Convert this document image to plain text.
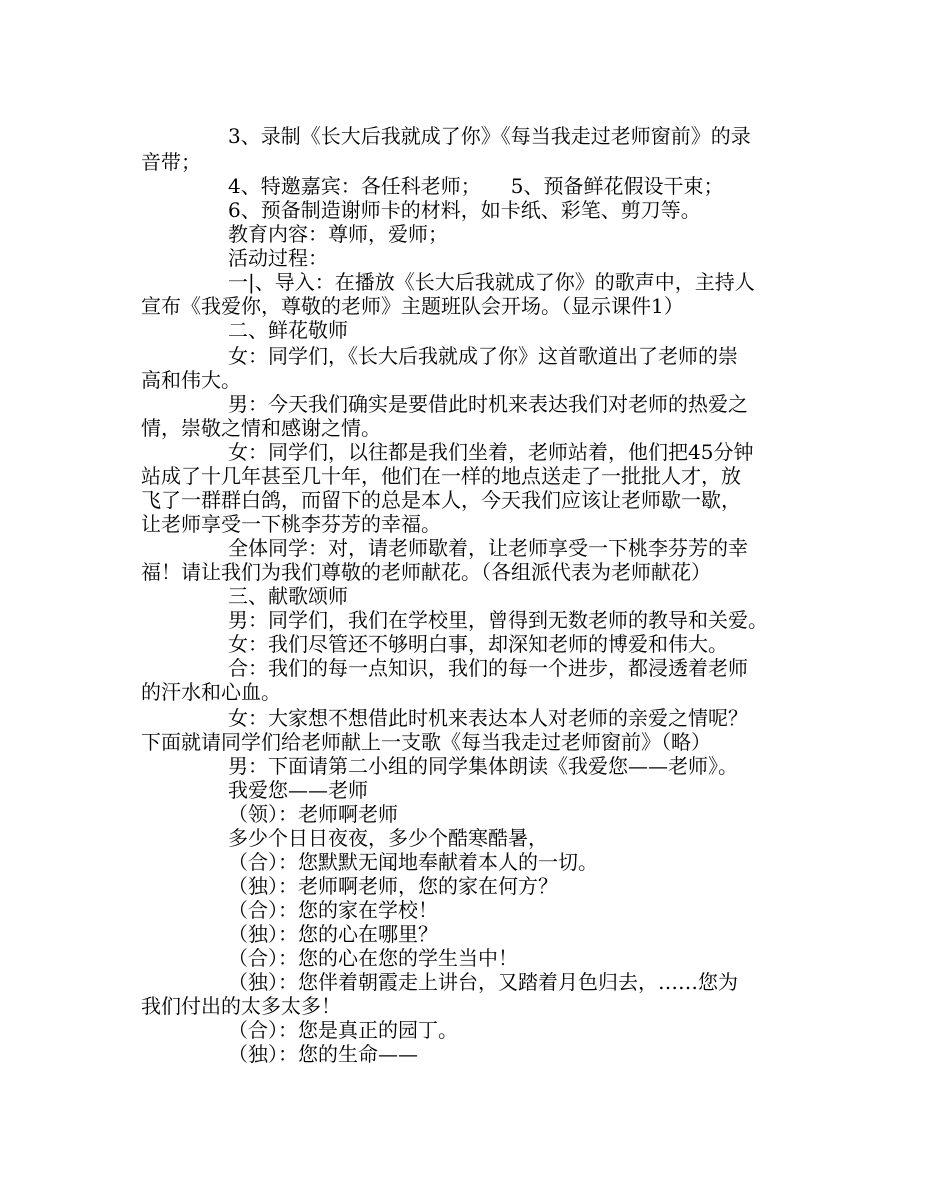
3、录制《长大后我就成了你》《每当我走过老师窗前》的录
音带；
4、特邀嘉宾：各任科老师；　　5、预备鲜花假设干束；
6、预备制造谢师卡的材料，如卡纸、彩笔、剪刀等。
教育内容：尊师，爱师；
活动过程：
一|、导入：在播放《长大后我就成了你》的歌声中，主持人
宣布《我爱你，尊敬的老师》主题班队会开场。（显示课件1）
二、鲜花敬师
女：同学们，《长大后我就成了你》这首歌道出了老师的崇
高和伟大。
男：今天我们确实是要借此时机来表达我们对老师的热爱之
情，崇敬之情和感谢之情。
女：同学们，以往都是我们坐着，老师站着，他们把45分钟
站成了十几年甚至几十年，他们在一样的地点送走了一批批人才，放
飞了一群群白鸽，而留下的总是本人，今天我们应该让老师歇一歇，
让老师享受一下桃李芬芳的幸福。
全体同学：对，请老师歇着，让老师享受一下桃李芬芳的幸
福！请让我们为我们尊敬的老师献花。（各组派代表为老师献花）
三、献歌颂师
男：同学们，我们在学校里，曾得到无数老师的教导和关爱。
女：我们尽管还不够明白事，却深知老师的博爱和伟大。
合：我们的每一点知识，我们的每一个进步，都浸透着老师
的汗水和心血。
女：大家想不想借此时机来表达本人对老师的亲爱之情呢？
下面就请同学们给老师献上一支歌《每当我走过老师窗前》（略）
男：下面请第二小组的同学集体朗读《我爱您——老师》。
我爱您——老师
（领）：老师啊老师
多少个日日夜夜，多少个酷寒酷暑，
（合）：您默默无闻地奉献着本人的一切。
（独）：老师啊老师，您的家在何方？
（合）：您的家在学校！
（独）：您的心在哪里？
（合）：您的心在您的学生当中！
（独）：您伴着朝霞走上讲台，又踏着月色归去，……您为
我们付出的太多太多！
（合）：您是真正的园丁。
（独）：您的生命——
